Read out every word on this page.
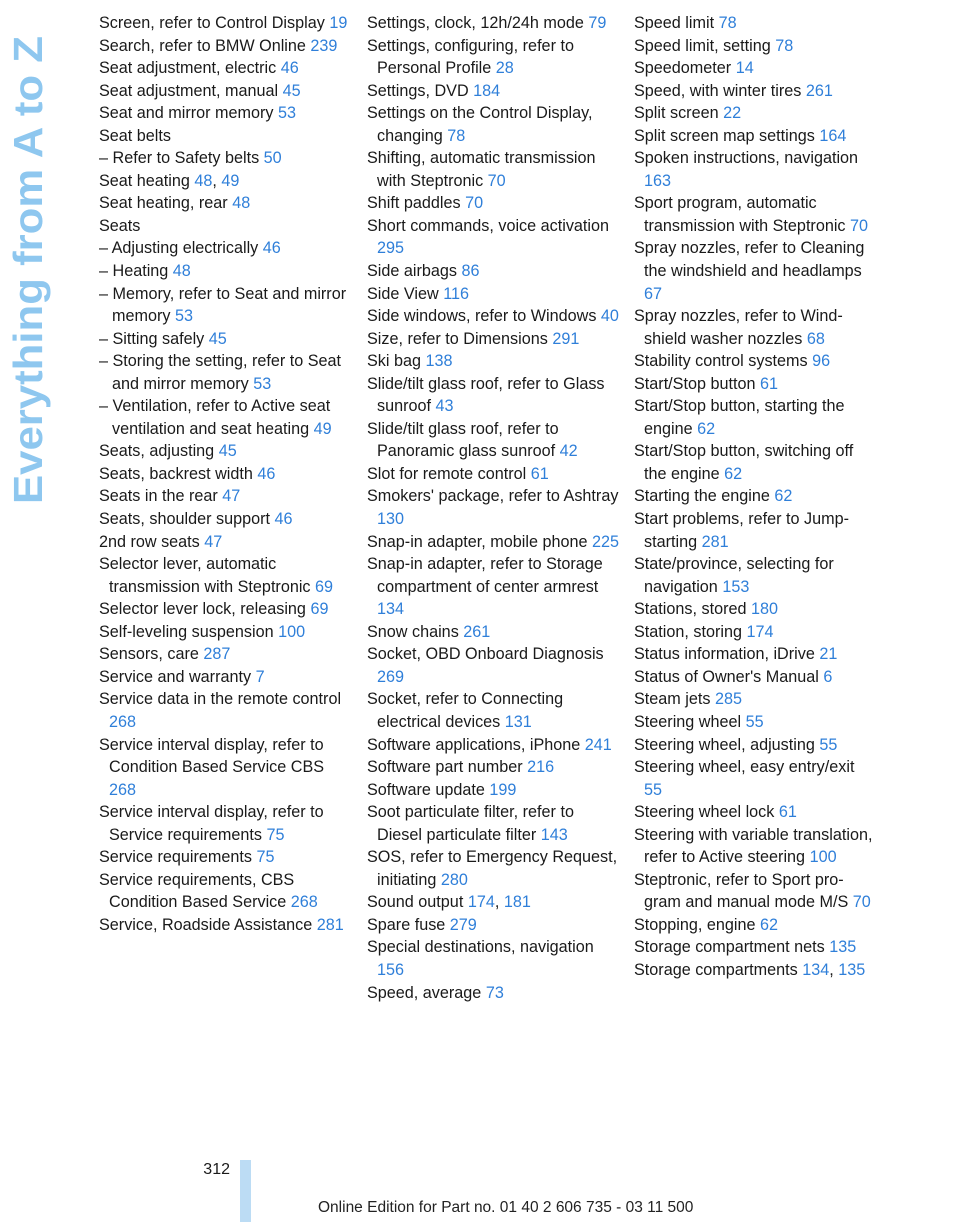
Everything from A to Z
Screen, refer to Control Display 19
Search, refer to BMW Online 239
Seat adjustment, electric 46
Seat adjustment, manual 45
Seat and mirror memory 53
Seat belts
– Refer to Safety belts 50
Seat heating 48, 49
Seat heating, rear 48
Seats
– Adjusting electrically 46
– Heating 48
– Memory, refer to Seat and mirror memory 53
– Sitting safely 45
– Storing the setting, refer to Seat and mirror memory 53
– Ventilation, refer to Active seat ventilation and seat heating 49
Seats, adjusting 45
Seats, backrest width 46
Seats in the rear 47
Seats, shoulder support 46
2nd row seats 47
Selector lever, automatic transmission with Steptronic 69
Selector lever lock, releasing 69
Self-leveling suspension 100
Sensors, care 287
Service and warranty 7
Service data in the remote control 268
Service interval display, refer to Condition Based Service CBS 268
Service interval display, refer to Service requirements 75
Service requirements 75
Service requirements, CBS Condition Based Service 268
Service, Roadside Assistance 281
Settings, clock, 12h/24h mode 79
Settings, configuring, refer to Personal Profile 28
Settings, DVD 184
Settings on the Control Display, changing 78
Shifting, automatic transmission with Steptronic 70
Shift paddles 70
Short commands, voice activation 295
Side airbags 86
Side View 116
Side windows, refer to Windows 40
Size, refer to Dimensions 291
Ski bag 138
Slide/tilt glass roof, refer to Glass sunroof 43
Slide/tilt glass roof, refer to Panoramic glass sunroof 42
Slot for remote control 61
Smokers' package, refer to Ashtray 130
Snap-in adapter, mobile phone 225
Snap-in adapter, refer to Storage compartment of center armrest 134
Snow chains 261
Socket, OBD Onboard Diagnosis 269
Socket, refer to Connecting electrical devices 131
Software applications, iPhone 241
Software part number 216
Software update 199
Soot particulate filter, refer to Diesel particulate filter 143
SOS, refer to Emergency Request, initiating 280
Sound output 174, 181
Spare fuse 279
Special destinations, navigation 156
Speed, average 73
Speed limit 78
Speed limit, setting 78
Speedometer 14
Speed, with winter tires 261
Split screen 22
Split screen map settings 164
Spoken instructions, navigation 163
Sport program, automatic transmission with Steptronic 70
Spray nozzles, refer to Cleaning the windshield and headlamps 67
Spray nozzles, refer to Windshield washer nozzles 68
Stability control systems 96
Start/Stop button 61
Start/Stop button, starting the engine 62
Start/Stop button, switching off the engine 62
Starting the engine 62
Start problems, refer to Jump-starting 281
State/province, selecting for navigation 153
Stations, stored 180
Station, storing 174
Status information, iDrive 21
Status of Owner's Manual 6
Steam jets 285
Steering wheel 55
Steering wheel, adjusting 55
Steering wheel, easy entry/exit 55
Steering wheel lock 61
Steering with variable translation, refer to Active steering 100
Steptronic, refer to Sport program and manual mode M/S 70
Stopping, engine 62
Storage compartment nets 135
Storage compartments 134, 135
312
Online Edition for Part no. 01 40 2 606 735 - 03 11 500
